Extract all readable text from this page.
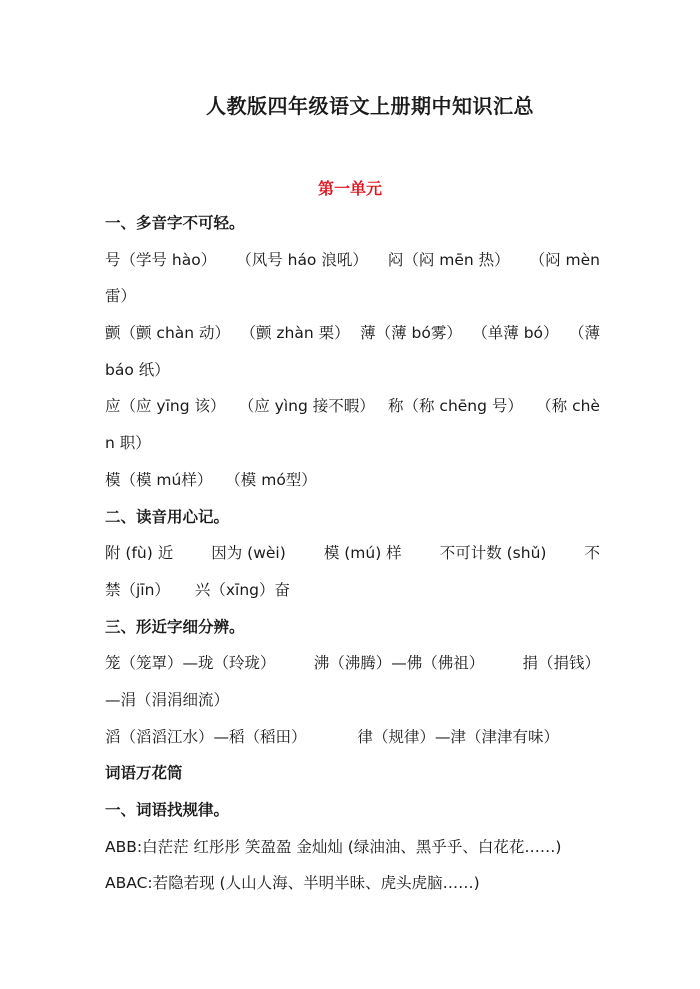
人教版四年级语文上册期中知识汇总
第一单元
一、多音字不可轻。
号（学号 hào） （风号 háo 浪吼） 闷（闷 mēn 热） （闷 mèn
雷）
颤（颤 chàn 动） （颤 zhàn 栗） 薄（薄 bó雾） （单薄 bó） （薄
báo 纸）
应（应 yīng 该） （应 yìng 接不暇） 称（称 chēng 号） （称 chè
n 职）
模（模 mú样） （模 mó型）
二、读音用心记。
附 (fù) 近 因为 (wèi) 模 (mú) 样 不可计数 (shǔ) 不
禁（jīn） 兴（xīng）奋
三、形近字细分辨。
笼（笼罩）—珑（玲珑） 沸（沸腾）—佛（佛祖） 捐（捐钱）
—涓（涓涓细流）
滔（滔滔江水）—稻（稻田）	律（规律）—津（津津有味）
词语万花筒
一、词语找规律。
ABB:白茫茫 红彤彤 笑盈盈 金灿灿 (绿油油、黑乎乎、白花花……)
ABAC:若隐若现 (人山人海、半明半昧、虎头虎脑……)
